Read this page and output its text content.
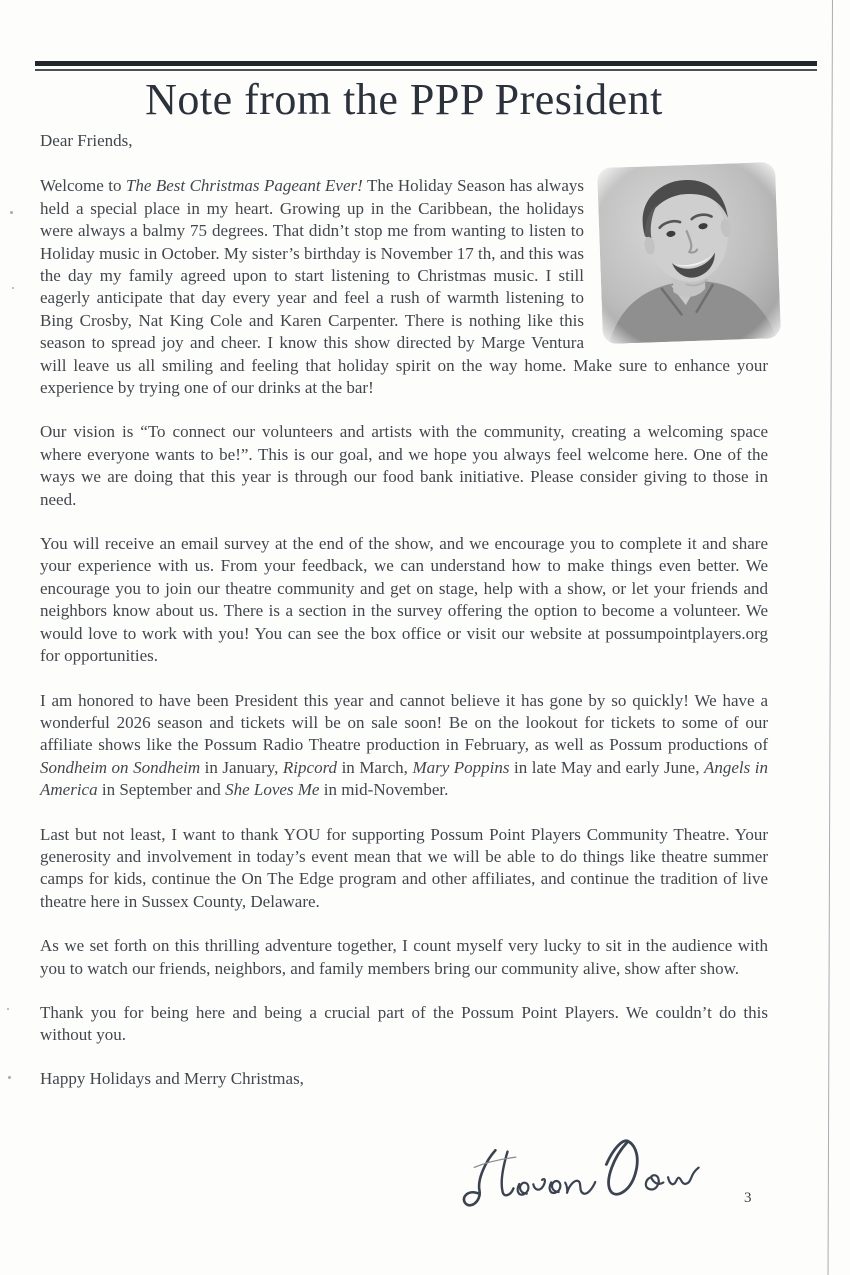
Note from the PPP President
Dear Friends,

Welcome to The Best Christmas Pageant Ever! The Holiday Season has always held a special place in my heart. Growing up in the Caribbean, the holidays were always a balmy 75 degrees. That didn’t stop me from wanting to listen to Holiday music in October. My sister’s birthday is November 17 th, and this was the day my family agreed upon to start listening to Christmas music. I still eagerly anticipate that day every year and feel a rush of warmth listening to Bing Crosby, Nat King Cole and Karen Carpenter. There is nothing like this season to spread joy and cheer. I know this show directed by Marge Ventura will leave us all smiling and feeling that holiday spirit on the way home. Make sure to enhance your experience by trying one of our drinks at the bar!

Our vision is “To connect our volunteers and artists with the community, creating a welcoming space where everyone wants to be!”. This is our goal, and we hope you always feel welcome here. One of the ways we are doing that this year is through our food bank initiative. Please consider giving to those in need.

You will receive an email survey at the end of the show, and we encourage you to complete it and share your experience with us. From your feedback, we can understand how to make things even better. We encourage you to join our theatre community and get on stage, help with a show, or let your friends and neighbors know about us. There is a section in the survey offering the option to become a volunteer. We would love to work with you! You can see the box office or visit our website at possumpointplayers.org for opportunities.

I am honored to have been President this year and cannot believe it has gone by so quickly! We have a wonderful 2026 season and tickets will be on sale soon! Be on the lookout for tickets to some of our affiliate shows like the Possum Radio Theatre production in February, as well as Possum productions of Sondheim on Sondheim in January, Ripcord in March, Mary Poppins in late May and early June, Angels in America in September and She Loves Me in mid-November.

Last but not least, I want to thank YOU for supporting Possum Point Players Community Theatre. Your generosity and involvement in today’s event mean that we will be able to do things like theatre summer camps for kids, continue the On The Edge program and other affiliates, and continue the tradition of live theatre here in Sussex County, Delaware.

As we set forth on this thrilling adventure together, I count myself very lucky to sit in the audience with you to watch our friends, neighbors, and family members bring our community alive, show after show.

Thank you for being here and being a crucial part of the Possum Point Players. We couldn’t do this without you.

Happy Holidays and Merry Christmas,
3
